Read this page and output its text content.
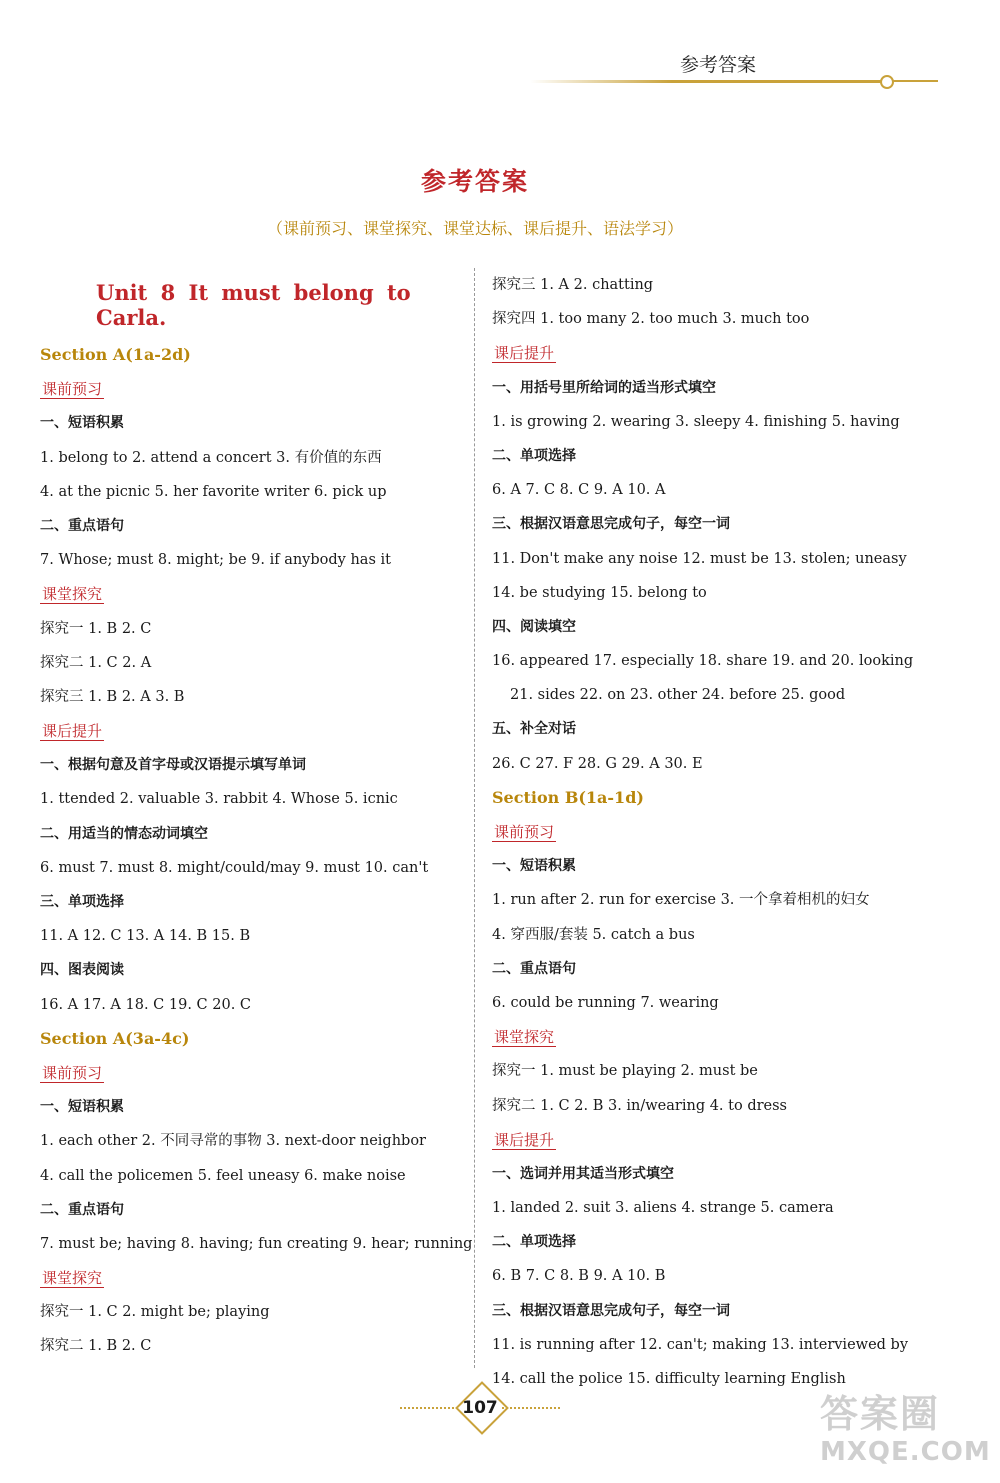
参考答案
参考答案
（课前预习、课堂探究、课堂达标、课后提升、语法学习）
Unit 8 It must belong to Carla.
Section A(1a-2d)
课前预习
一、短语积累
1. belong to 2. attend a concert 3. 有价值的东西
4. at the picnic 5. her favorite writer 6. pick up
二、重点语句
7. Whose; must 8. might; be 9. if anybody has it
课堂探究
探究一 1. B 2. C
探究二 1. C 2. A
探究三 1. B 2. A 3. B
课后提升
一、根据句意及首字母或汉语提示填写单词
1. ttended 2. valuable 3. rabbit 4. Whose 5. icnic
二、用适当的情态动词填空
6. must 7. must 8. might/could/may 9. must 10. can't
三、单项选择
11. A 12. C 13. A 14. B 15. B
四、图表阅读
16. A 17. A 18. C 19. C 20. C
Section A(3a-4c)
课前预习
一、短语积累
1. each other 2. 不同寻常的事物 3. next-door neighbor
4. call the policemen 5. feel uneasy 6. make noise
二、重点语句
7. must be; having 8. having; fun creating 9. hear; running
课堂探究
探究一 1. C 2. might be; playing
探究二 1. B 2. C
探究三 1. A 2. chatting
探究四 1. too many 2. too much 3. much too
课后提升
一、用括号里所给词的适当形式填空
1. is growing 2. wearing 3. sleepy 4. finishing 5. having
二、单项选择
6. A 7. C 8. C 9. A 10. A
三、根据汉语意思完成句子，每空一词
11. Don't make any noise 12. must be 13. stolen; uneasy
14. be studying 15. belong to
四、阅读填空
16. appeared 17. especially 18. share 19. and 20. looking
21. sides 22. on 23. other 24. before 25. good
五、补全对话
26. C 27. F 28. G 29. A 30. E
Section B(1a-1d)
课前预习
一、短语积累
1. run after 2. run for exercise 3. 一个拿着相机的妇女
4. 穿西服/套装 5. catch a bus
二、重点语句
6. could be running 7. wearing
课堂探究
探究一 1. must be playing 2. must be
探究二 1. C 2. B 3. in/wearing 4. to dress
课后提升
一、选词并用其适当形式填空
1. landed 2. suit 3. aliens 4. strange 5. camera
二、单项选择
6. B 7. C 8. B 9. A 10. B
三、根据汉语意思完成句子，每空一词
11. is running after 12. can't; making 13. interviewed by
14. call the police 15. difficulty learning English
107	答案圈
MXQE.COM
